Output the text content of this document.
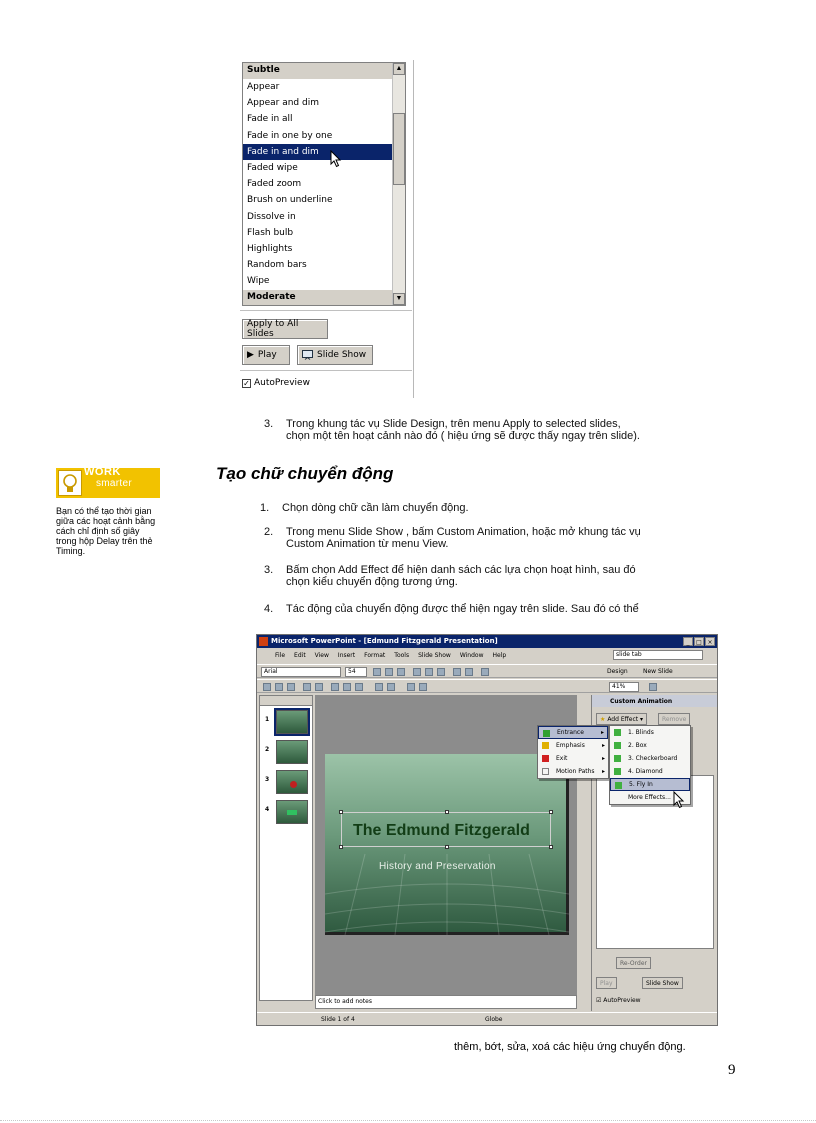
Subtle
Appear
Appear and dim
Fade in all
Fade in one by one
Fade in and dim
Faded wipe
Faded zoom
Brush on underline
Dissolve in
Flash bulb
Highlights
Random bars
Wipe
Moderate
▲
▼
Apply to All Slides
▶ Play	Slide Show
✓ AutoPreview
3. Trong khung tác vụ Slide Design, trên menu Apply to selected slides,
chọn một tên hoạt cảnh nào đó ( hiệu ứng sẽ được thấy ngay trên slide).
WORK
smarter
Bạn có thể tạo thời gian giữa các hoạt cảnh bằng cách chỉ định số giây trong hộp Delay trên thẻ Timing.
Tạo chữ chuyển động
1. Chọn dòng chữ cần làm chuyển động.
2. Trong menu Slide Show , bấm Custom Animation, hoặc mở khung tác vụ
Custom Animation từ menu View.
3. Bấm chọn Add Effect để hiện danh sách các lựa chọn hoạt hình, sau đó
chọn kiểu chuyển động tương ứng.
4. Tác động của chuyển động được thể hiện ngay trên slide. Sau đó có thể
Microsoft PowerPoint - [Edmund Fitzgerald Presentation]	_	□ ×
File Edit View Insert Format Tools Slide Show Window Help	slide tab
Arial	54	Design	New Slide
41%
1
2
3
4
The Edmund Fitzgerald
History and Preservation
Click to add notes
Slide 1 of 4	Globe
Custom Animation
★ Add Effect ▾	Remove
Re-Order
Play	Slide Show
☑ AutoPreview
Entrance	▸
Emphasis	▸
Exit	▸
Motion Paths ▸
1. Blinds
2. Box
3. Checkerboard
4. Diamond
5. Fly In
More Effects...
thêm, bớt, sửa, xoá các hiệu ứng chuyển động.
9
